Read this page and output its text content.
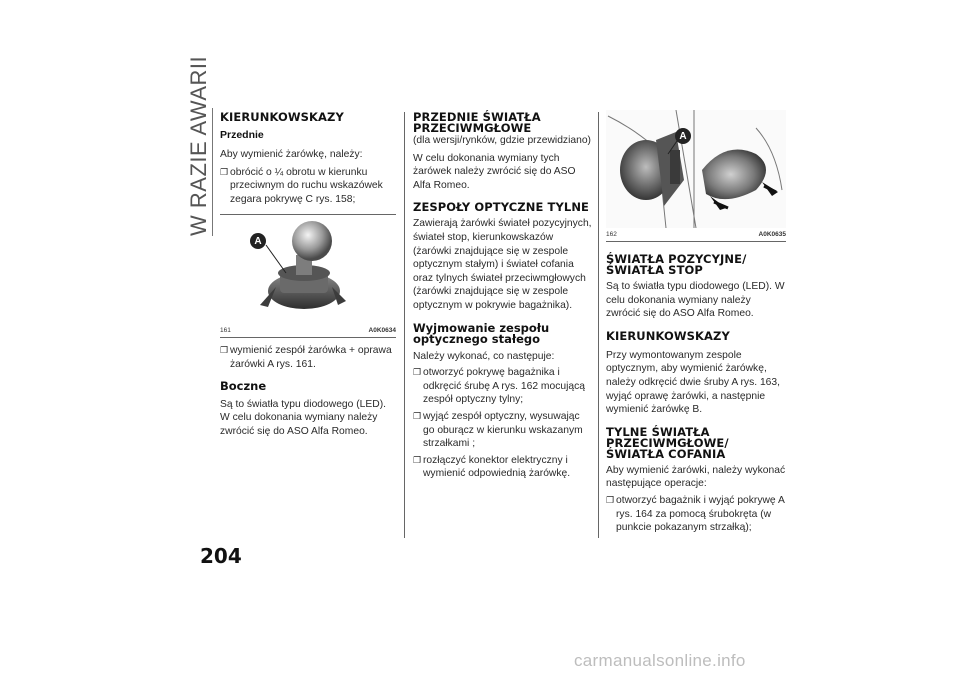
W RAZIE AWARII KIERUNKOWSKAZY
Przednie

Aby wymienić żarówkę, należy:

❐ obrócić o ¼ obrotu w kierunku przeciwnym do ruchu wskazówek zegara pokrywę C rys. 158;
A
161	A0K0634
❐ wymienić zespół żarówka + oprawa żarówki A rys. 161.
Boczne

Są to światła typu diodowego (LED). W celu dokonania wymiany należy zwrócić się do ASO Alfa Romeo.

PRZEDNIE ŚWIATŁA PRZECIWMGŁOWE

(dla wersji/rynków, gdzie przewidziano)

W celu dokonania wymiany tych żarówek należy zwrócić się do ASO Alfa Romeo.

ZESPOŁY OPTYCZNE TYLNE

Zawierają żarówki świateł pozycyjnych, świateł stop, kierunkowskazów (żarówki znajdujące się w zespole optycznym stałym) i świateł cofania oraz tylnych świateł przeciwmgłowych (żarówki znajdujące się w zespole optycznym w pokrywie bagażnika).

Wyjmowanie zespołu optycznego stałego

Należy wykonać, co następuje:

❐ otworzyć pokrywę bagażnika i odkręcić śrubę A rys. 162 mocującą zespół optyczny tylny;
❐ wyjąć zespół optyczny, wysuwając go oburącz w kierunku wskazanym strzałkami ;
❐ rozłączyć konektor elektryczny i wymienić odpowiednią żarówkę.
A
162	A0K0635
ŚWIATŁA POZYCYJNE/ ŚWIATŁA STOP

Są to światła typu diodowego (LED). W celu dokonania wymiany należy zwrócić się do ASO Alfa Romeo.

KIERUNKOWSKAZY

Przy wymontowanym zespole optycznym, aby wymienić żarówkę, należy odkręcić dwie śruby A rys. 163, wyjąć oprawę żarówki, a następnie wymienić żarówkę B.

TYLNE ŚWIATŁA PRZECIWMGŁOWE/ ŚWIATŁA COFANIA

Aby wymienić żarówki, należy wykonać następujące operacje:

❐ otworzyć bagażnik i wyjąć pokrywę A rys. 164 za pomocą śrubokręta (w punkcie pokazanym strzałką);
204
carmanualsonline.info
